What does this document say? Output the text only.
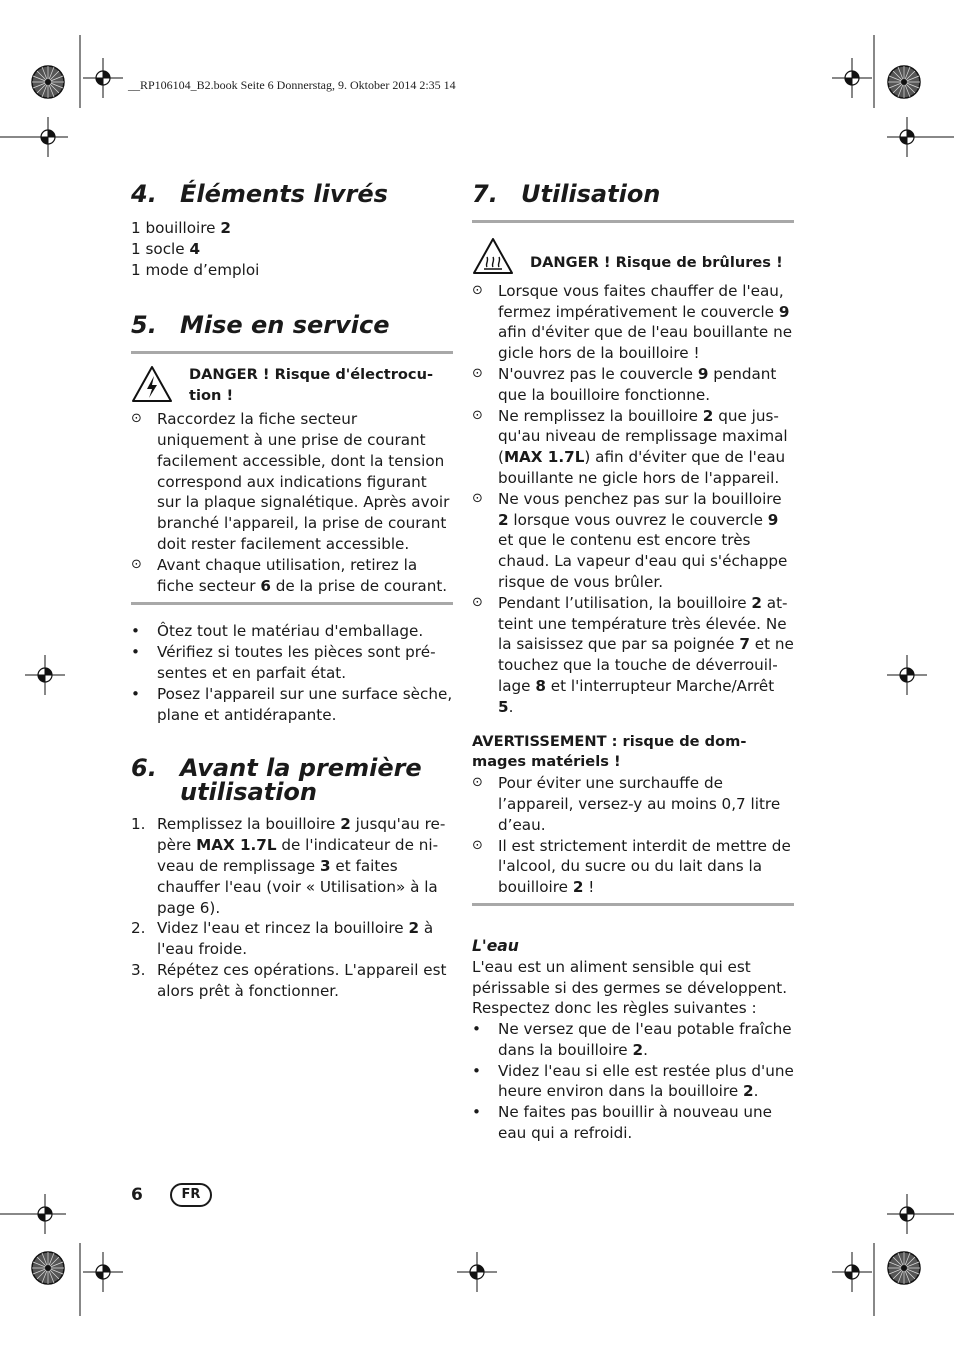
__RP106104_B2.book Seite 6 Donnerstag, 9. Oktober 2014 2:35 14
4. Éléments livrés

1 bouilloire 2

1 socle 4

1 mode d’emploi

5. Mise en service
DANGER ! Risque d'électrocution !
⊙ Raccordez la fiche secteur uniquement à une prise de courant facilement accessible, dont la tension correspond aux indications figurant sur la plaque signalétique. Après avoir branché l'appareil, la prise de courant doit rester facilement accessible.
⊙ Avant chaque utilisation, retirez la fiche secteur 6 de la prise de courant.
•	Ôtez tout le matériau d'emballage.
•	Vérifiez si toutes les pièces sont présentes et en parfait état.
•	Posez l'appareil sur une surface sèche, plane et antidérapante.
6. Avant la première utilisation
1. Remplissez la bouilloire 2 jusqu'au repère MAX 1.7L de l'indicateur de niveau de remplissage 3 et faites chauffer l'eau (voir « Utilisation» à la page 6).
2. Videz l'eau et rincez la bouilloire 2 à l'eau froide.
3. Répétez ces opérations. L'appareil est alors prêt à fonctionner.
7. Utilisation
DANGER ! Risque de brûlures !
⊙ Lorsque vous faites chauffer de l'eau, fermez impérativement le couvercle 9 afin d'éviter que de l'eau bouillante ne gicle hors de la bouilloire !
⊙ N'ouvrez pas le couvercle 9 pendant que la bouilloire fonctionne.
⊙ Ne remplissez la bouilloire 2 que jusqu'au niveau de remplissage maximal (MAX 1.7L) afin d'éviter que de l'eau bouillante ne gicle hors de l'appareil.
⊙ Ne vous penchez pas sur la bouilloire 2 lorsque vous ouvrez le couvercle 9 et que le contenu est encore très chaud. La vapeur d'eau qui s'échappe risque de vous brûler.
⊙ Pendant l’utilisation, la bouilloire 2 atteint une température très élevée. Ne la saisissez que par sa poignée 7 et ne touchez que la touche de déverrouillage 8 et l'interrupteur Marche/Arrêt 5.

AVERTISSEMENT : risque de dommages matériels !

⊙ Pour éviter une surchauffe de l’appareil, versez-y au moins 0,7 litre d’eau.
⊙ Il est strictement interdit de mettre de l'alcool, du sucre ou du lait dans la bouilloire 2 !

L'eau

L'eau est un aliment sensible qui est périssable si des germes se développent. Respectez donc les règles suivantes :

•	Ne versez que de l'eau potable fraîche dans la bouilloire 2.
•	Videz l'eau si elle est restée plus d'une heure environ dans la bouilloire 2.
•	Ne faites pas bouillir à nouveau une eau qui a refroidi.
6	FR
